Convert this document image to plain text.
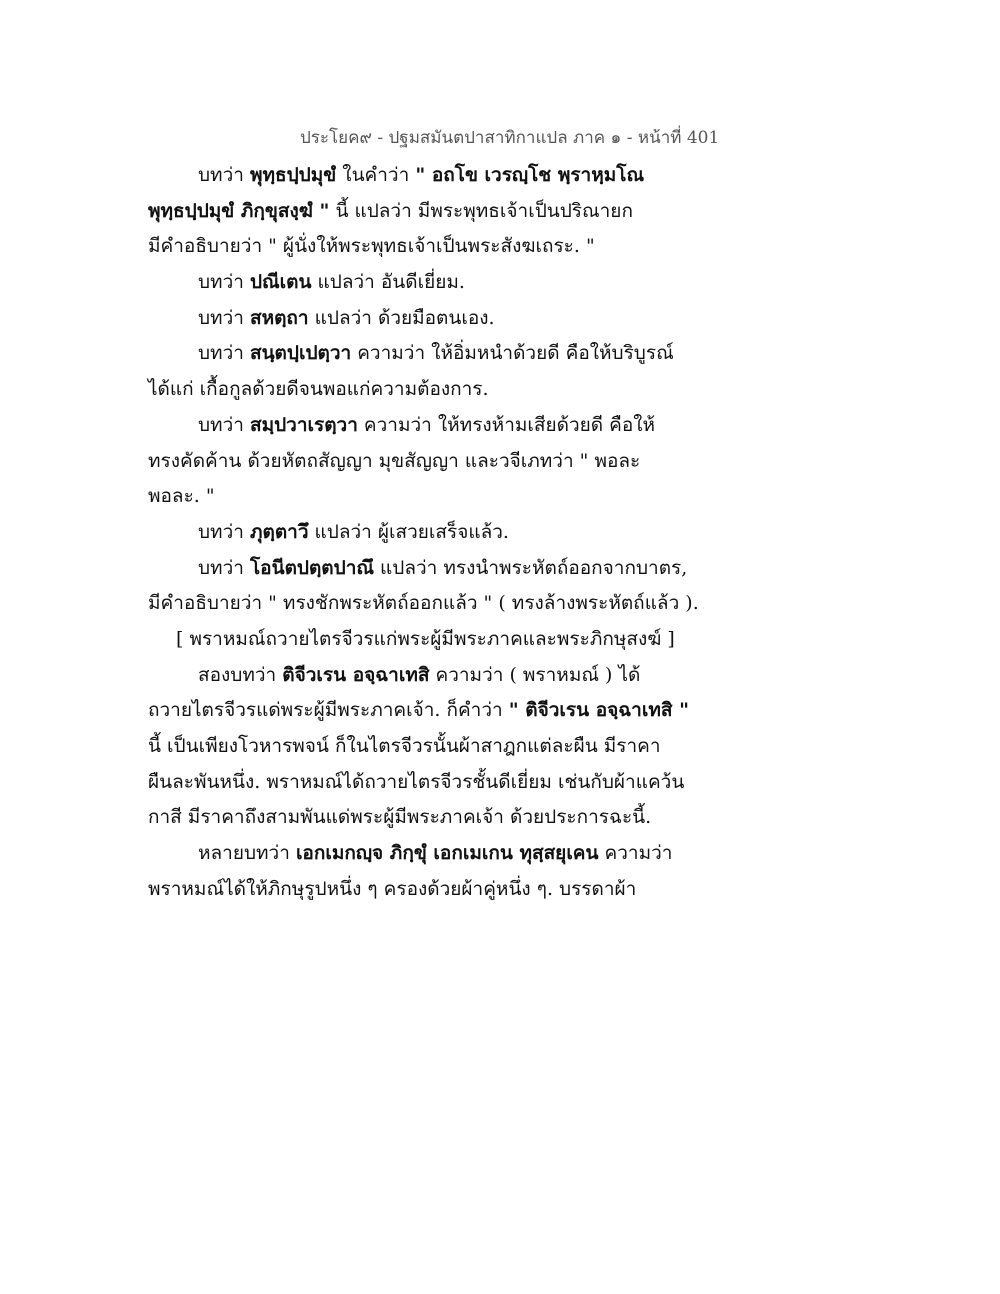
ประโยค๙ - ปฐมสมันตปาสาทิกาแปล ภาค ๑ - หน้าที่ 401
บทว่า พุทฺธปฺปมุขํ ในคำว่า " อถโข เวรญฺโช พฺราหฺมโณ
พุทฺธปฺปมุขํ ภิกฺขุสงฺฆํ " นี้ แปลว่า มีพระพุทธเจ้าเป็นปริณายก
มีคำอธิบายว่า " ผู้นั่งให้พระพุทธเจ้าเป็นพระสังฆเถระ. "
บทว่า ปณีเตน แปลว่า อันดีเยี่ยม.
บทว่า สหตฺถา แปลว่า ด้วยมือตนเอง.
บทว่า สนฺตปฺเปตฺวา ความว่า ให้อิ่มหนำด้วยดี คือให้บริบูรณ์
ได้แก่ เกื้อกูลด้วยดีจนพอแก่ความต้องการ.
บทว่า สมฺปวาเรตฺวา ความว่า ให้ทรงห้ามเสียด้วยดี คือให้
ทรงคัดค้าน ด้วยหัตถสัญญา มุขสัญญา และวจีเภทว่า " พอละ
พอละ. "
บทว่า ภุตฺตาวึ แปลว่า ผู้เสวยเสร็จแล้ว.
บทว่า โอนีตปตฺตปาณึ แปลว่า ทรงนำพระหัตถ์ออกจากบาตร,
มีคำอธิบายว่า " ทรงชักพระหัตถ์ออกแล้ว " ( ทรงล้างพระหัตถ์แล้ว ).
[ พราหมณ์ถวายไตรจีวรแก่พระผู้มีพระภาคและพระภิกษุสงฆ์ ]
สองบทว่า ติจีวเรน อจฺฉาเทสิ ความว่า ( พราหมณ์ ) ได้
ถวายไตรจีวรแด่พระผู้มีพระภาคเจ้า. ก็คำว่า " ติจีวเรน อจฺฉาเทสิ "
นี้ เป็นเพียงโวหารพจน์ ก็ในไตรจีวรนั้นผ้าสาฎกแต่ละผืน มีราคา
ผืนละพันหนึ่ง. พราหมณ์ได้ถวายไตรจีวรชั้นดีเยี่ยม เช่นกับผ้าแคว้น
กาสี มีราคาถึงสามพันแด่พระผู้มีพระภาคเจ้า ด้วยประการฉะนี้.
หลายบทว่า เอกเมกญฺจ ภิกฺขุํ เอกเมเกน ทุสฺสยุเคน ความว่า
พราหมณ์ได้ให้ภิกษุรูปหนึ่ง ๆ ครองด้วยผ้าคู่หนึ่ง ๆ. บรรดาผ้า
